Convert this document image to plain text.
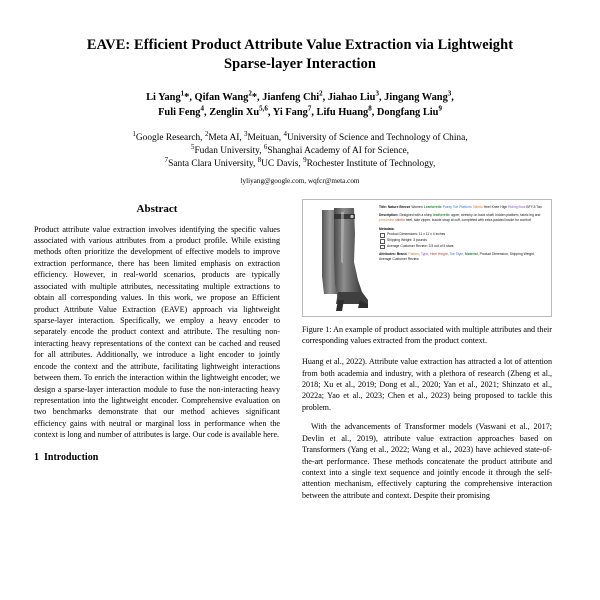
EAVE: Efficient Product Attribute Value Extraction via Lightweight Sparse-layer Interaction
Li Yang$^1$*, Qifan Wang$^2$*, Jianfeng Chi$^2$, Jiahao Liu$^3$, Jingang Wang$^3$,
Fuli Feng$^4$, Zenglin Xu$^{5,6}$, Yi Fang$^7$, Lifu Huang$^8$, Dongfang Liu$^9$
$^1$Google Research, $^2$Meta AI, $^3$Meituan, $^4$University of Science and Technology of China,
$^5$Fudan University, $^6$Shanghai Academy of AI for Science,
$^7$Santa Clara University, $^8$UC Davis, $^9$Rochester Institute of Technology,
lyliyang@google.com, wqfcr@meta.com
Abstract

Product attribute value extraction involves identifying the specific values associated with various attributes from a product profile. While existing methods often prioritize the development of effective models to improve extraction performance, there has been limited emphasis on extraction efficiency. However, in real-world scenarios, products are typically associated with multiple attributes, necessitating multiple extractions to obtain all corresponding values. In this work, we propose an Efficient product Attribute Value Extraction (EAVE) approach via lightweight sparse-layer interaction. Specifically, we employ a heavy encoder to separately encode the product context and attribute. The resulting non-interacting heavy representations of the context can be cached and reused for all attributes. Additionally, we introduce a light encoder to jointly encode the context and the attribute, facilitating lightweight interactions between them. To enrich the interaction within the lightweight encoder, we design a sparse-layer interaction module to fuse the non-interacting heavy representation into the lightweight encoder. Comprehensive evaluation on two benchmarks demonstrate that our method achieves significant efficiency gains with neutral or marginal loss in performance when the context is long and number of attributes is large. Our code is available here.

1 Introduction
Title: Nature Breeze Women Leatherette Pointy Toe Platform Stiletto Heel Knee High Riding Boot BFY-5 Tan
Description: Designed with a shiny leatherette upper, stretchy on back shaft, hidden platform, fabric leg and print inline stiletto heel, side zipper, buckle strap at cuff, completed with extra padded insole for comfort
Metadata:
Product Dimensions: 11 x 11 x 4 inches
Shipping Weight: 3 pounds
Average Customer Review: 3.5 out of 5 stars
Attributes: Brand, Pattern, Type, Heel Height, Toe Style, Material, Product Dimension, Shipping Weight, Average Customer Review
Figure 1: An example of product associated with multiple attributes and their corresponding values extracted from the product context.

Huang et al., 2022). Attribute value extraction has attracted a lot of attention from both academia and industry, with a plethora of research (Zheng et al., 2018; Xu et al., 2019; Dong et al., 2020; Yan et al., 2021; Shinzato et al., 2022a; Yao et al., 2023; Chen et al., 2023) being proposed to tackle this problem.

With the advancements of Transformer models (Vaswani et al., 2017; Devlin et al., 2019), attribute value extraction approaches based on Transformers (Yang et al., 2022; Wang et al., 2023) have achieved state-of-the-art performance. These methods concatenate the product attribute and context into a single text sequence and jointly encode it through the self-attention mechanism, effectively capturing the comprehensive interaction between the attribute and context. Despite their promising
